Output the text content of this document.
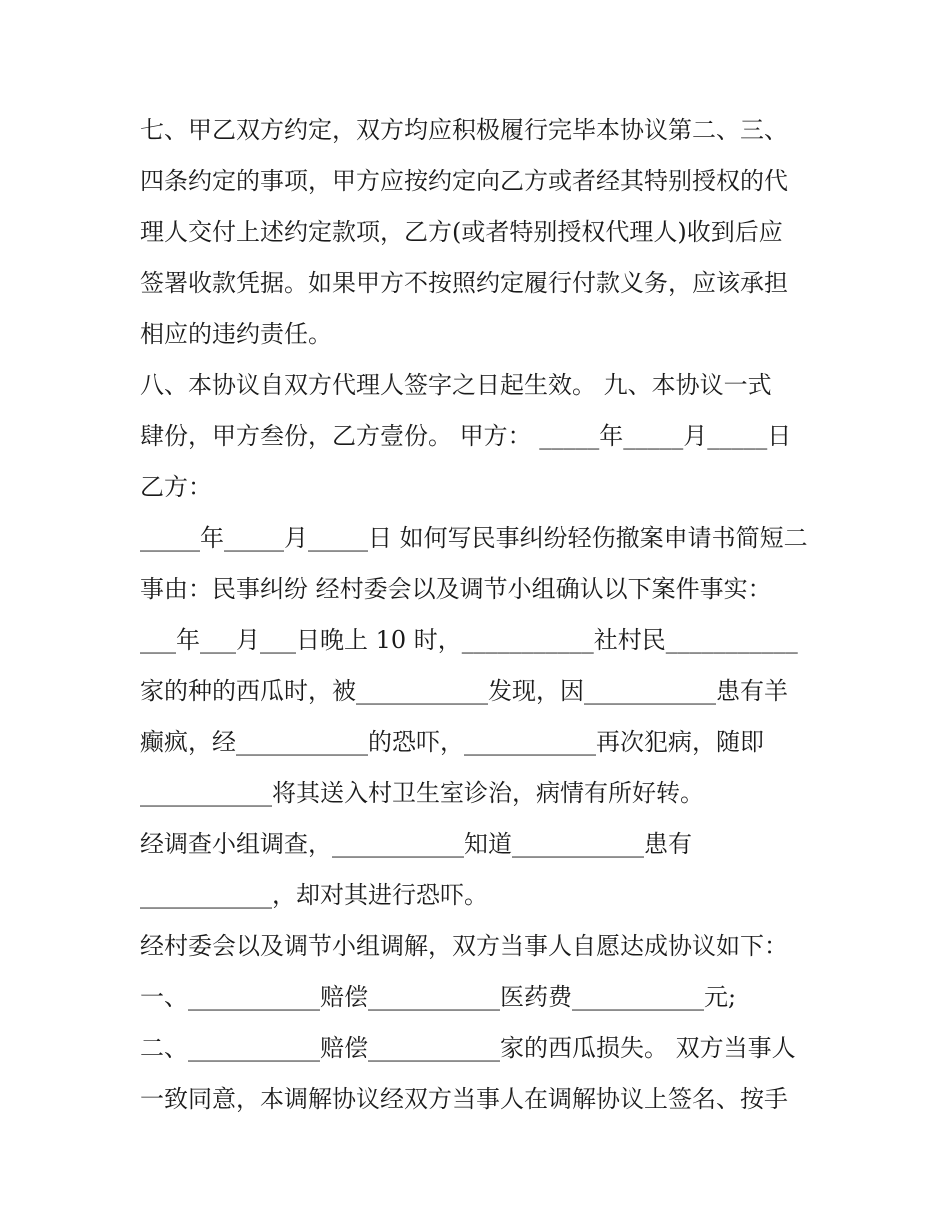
七、甲乙双方约定，双方均应积极履行完毕本协议第二、三、
四条约定的事项，甲方应按约定向乙方或者经其特别授权的代
理人交付上述约定款项，乙方(或者特别授权代理人)收到后应
签署收款凭据。如果甲方不按照约定履行付款义务，应该承担
相应的违约责任。
八、本协议自双方代理人签字之日起生效。 九、本协议一式
肆份，甲方叁份，乙方壹份。 甲方： _____年_____月_____日
乙方：
_____年_____月_____日 如何写民事纠纷轻伤撤案申请书简短二
事由：民事纠纷 经村委会以及调节小组确认以下案件事实：
___年___月___日晚上 10 时，___________社村民___________
家的种的西瓜时，被___________发现，因___________患有羊
癫疯，经___________的恐吓，___________再次犯病，随即
___________将其送入村卫生室诊治，病情有所好转。
经调查小组调查，___________知道___________患有
___________，却对其进行恐吓。
经村委会以及调节小组调解，双方当事人自愿达成协议如下：
一、___________赔偿___________医药费___________元;
二、___________赔偿___________家的西瓜损失。 双方当事人
一致同意，本调解协议经双方当事人在调解协议上签名、按手
